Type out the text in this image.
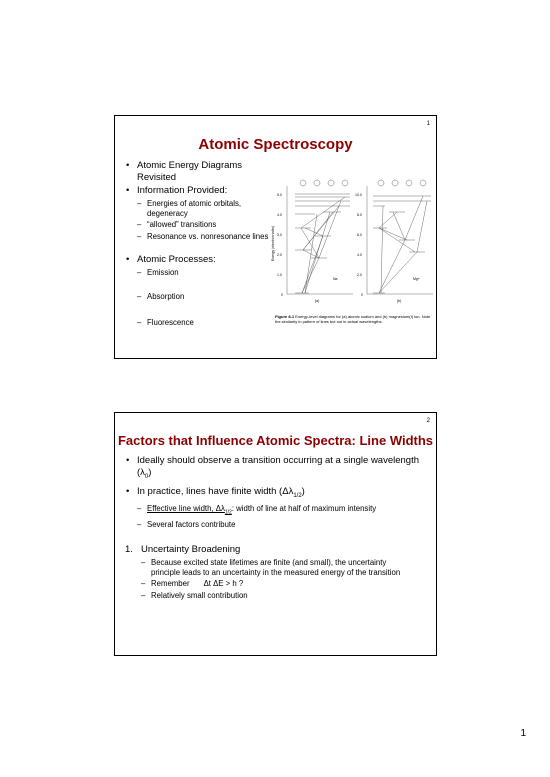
1
Atomic Spectroscopy
• Atomic Energy Diagrams Revisited
• Information Provided:
– Energies of atomic orbitals, degeneracy
– “allowed” transitions
– Resonance vs. nonresonance lines
• Atomic Processes:
– Emission
– Absorption
– Fluorescence
5.0
4.0
3.0
2.0
1.0
0
10.0
8.0
6.0
4.0
2.0
0
Na	Mg+
(a)	(b)
Energy (electron volts)
Figure 8-1 Energy-level diagrams for (a) atomic sodium and (b) magnesium(I) ion. Note the similarity in pattern of lines but not in actual wavelengths.
2
Factors that Influence Atomic Spectra: Line Widths
• Ideally should observe a transition occurring at a single wavelength $(\lambda_0)$
• In practice, lines have finite width $(\Delta\lambda_{1/2})$
– Effective line width, $\Delta\lambda_{1/2}$: width of line at half of maximum intensity
– Several factors contribute
1. Uncertainty Broadening
– Because excited state lifetimes are finite (and small), the uncertainty principle leads to an uncertainty in the measured energy of the transition
– Remember Δt ΔE > h ?
– Relatively small contribution
1
